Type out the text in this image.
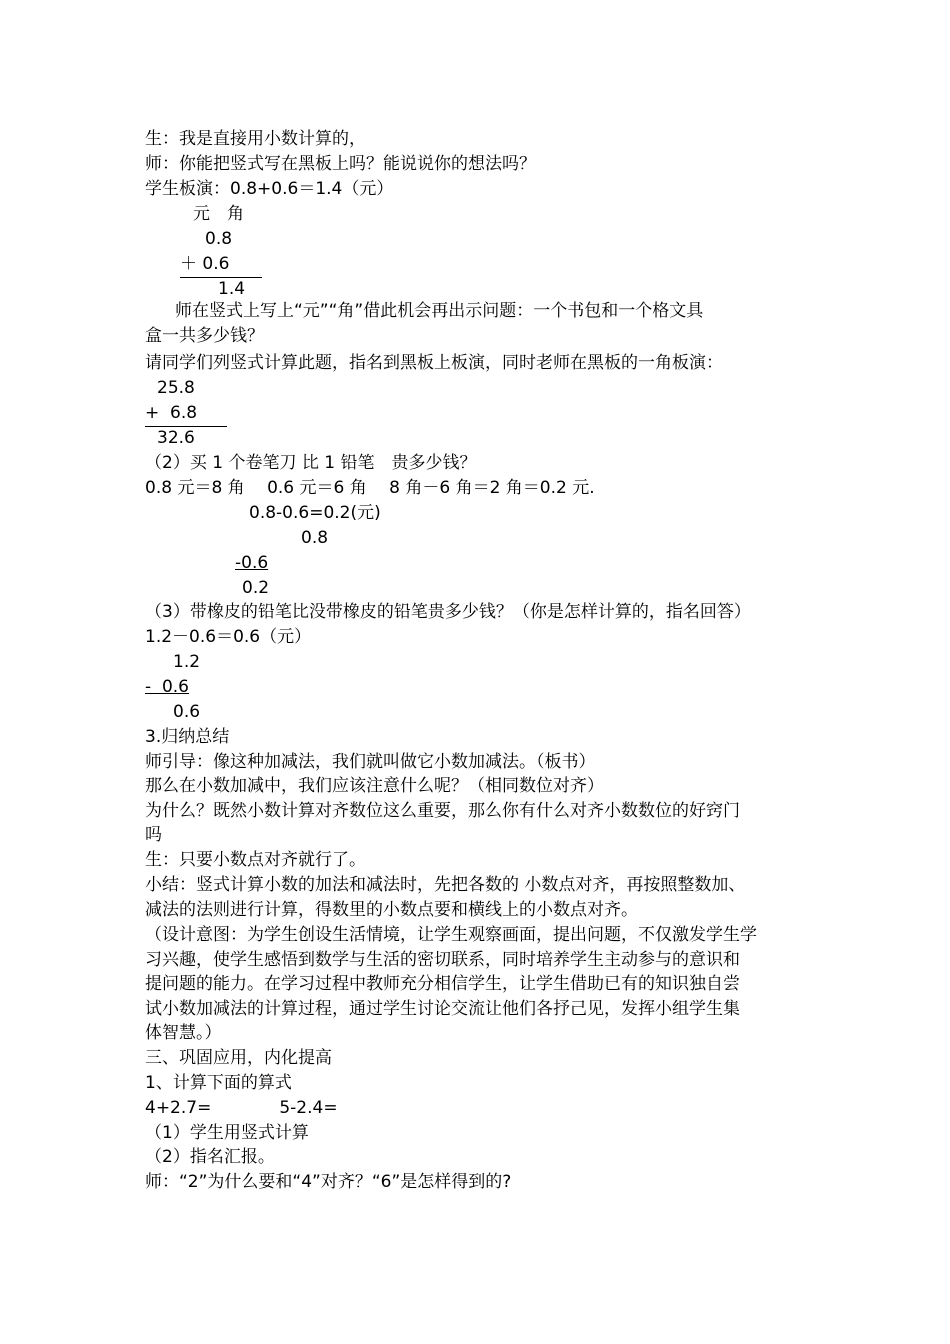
生：我是直接用小数计算的，
师：你能把竖式写在黑板上吗？能说说你的想法吗？
学生板演：0.8+0.6＝1.4（元）
元　角
0.8
＋ 0.6
1.4
师在竖式上写上“元”“角”借此机会再出示问题：一个书包和一个格文具
盒一共多少钱？
请同学们列竖式计算此题，指名到黑板上板演，同时老师在黑板的一角板演：
25.8
+  6.8
32.6
（2）买 1 个卷笔刀 比 1 铅笔　贵多少钱？
0.8 元＝8 角　 0.6 元＝6 角　 8 角－6 角＝2 角＝0.2 元.
0.8-0.6=0.2(元)
0.8
-0.6
0.2
（3）带橡皮的铅笔比没带橡皮的铅笔贵多少钱？（你是怎样计算的，指名回答）
1.2－0.6＝0.6（元）
1.2
-  0.6
0.6
3.归纳总结
师引导：像这种加减法，我们就叫做它小数加减法。（板书）
那么在小数加减中，我们应该注意什么呢？（相同数位对齐）
为什么？既然小数计算对齐数位这么重要，那么你有什么对齐小数数位的好窍门
吗
生：只要小数点对齐就行了。
小结：竖式计算小数的加法和减法时，先把各数的 小数点对齐，再按照整数加、
减法的法则进行计算，得数里的小数点要和横线上的小数点对齐。
（设计意图：为学生创设生活情境，让学生观察画面，提出问题，不仅激发学生学
习兴趣，使学生感悟到数学与生活的密切联系，同时培养学生主动参与的意识和
提问题的能力。在学习过程中教师充分相信学生，让学生借助已有的知识独自尝
试小数加减法的计算过程，通过学生讨论交流让他们各抒己见，发挥小组学生集
体智慧。）
三、巩固应用，内化提高
1、计算下面的算式
4+2.7=　　　　5-2.4=
（1）学生用竖式计算
（2）指名汇报。
师：“2”为什么要和“4”对齐？“6”是怎样得到的?
